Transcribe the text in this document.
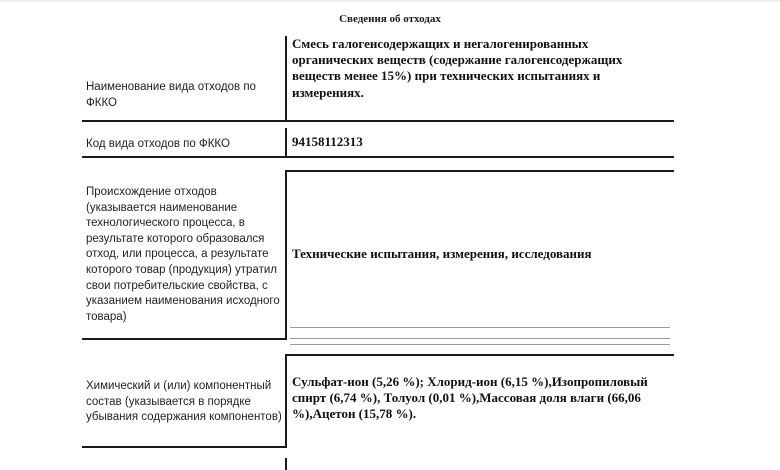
Сведения об отходах
Наименование вида отходов по ФККО
Смесь галогенсодержащих и негалогенированных органических веществ (содержание галогенсодержащих веществ менее 15%) при технических испытаниях и измерениях.
Код вида отходов по ФККО	94158112313
Происхождение отходов (указывается наименование технологического процесса, в результате которого образовался отход, или процесса, а результате которого товар (продукция) утратил свои потребительские свойства, с указанием наименования исходного товара)
Технические испытания, измерения, исследования
Химический и (или) компонентный состав (указывается в порядке убывания содержания компонентов)
Сульфат-ион (5,26 %); Хлорид-ион (6,15 %),Изопропиловый спирт (6,74 %), Толуол (0,01 %),Массовая доля влаги (66,06 %),Ацетон (15,78 %).
